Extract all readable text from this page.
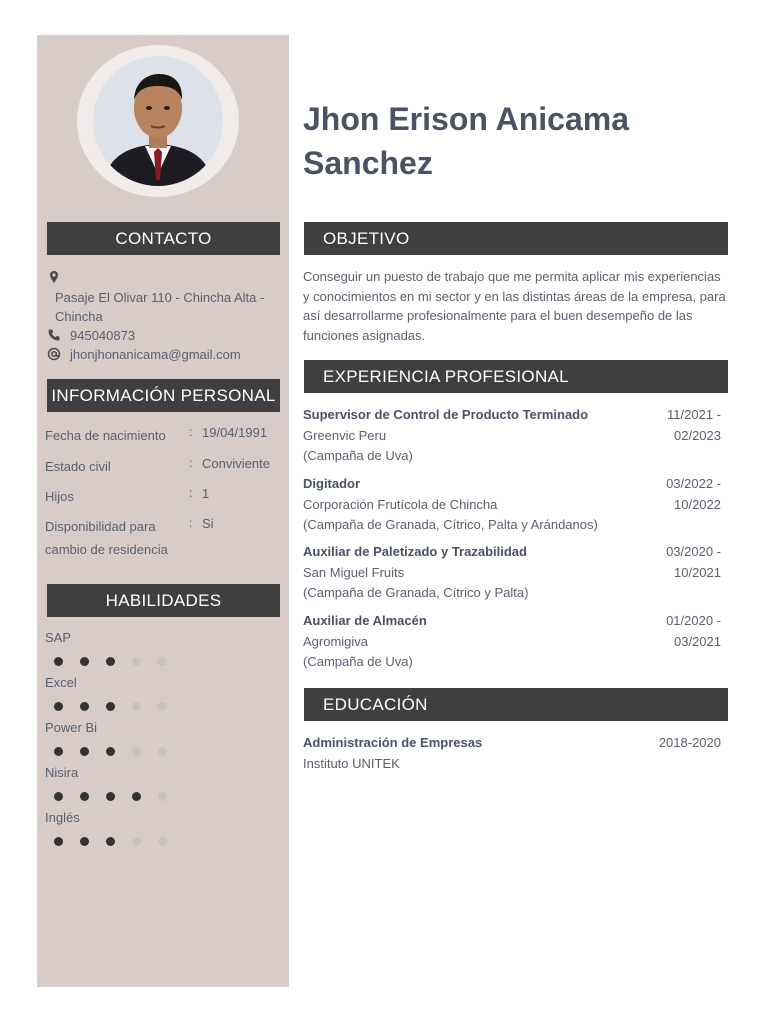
CONTACTO
Pasaje El Olivar 110 - Chincha Alta -
Chincha
945040873
jhonjhonanicama@gmail.com
INFORMACIÓN PERSONAL
Fecha de nacimiento : 19/04/1991
Estado civil	: Conviviente
Hijos	: 1
Disponibilidad para
cambio de residencia
: Si
HABILIDADES
SAP
Excel
Power Bi
Nisira
Inglés
Jhon Erison Anicama
Sanchez
OBJETIVO
Conseguir un puesto de trabajo que me permita aplicar mis experiencias y conocimientos en mi sector y en las distintas áreas de la empresa, para así desarrollarme profesionalmente para el buen desempeño de las funciones asignadas.
EXPERIENCIA PROFESIONAL
Supervisor de Control de Producto Terminado
Greenvic Peru
(Campaña de Uva)
11/2021 -
02/2023
Digitador
Corporación Frutícola de Chincha
(Campaña de Granada, Cítrico, Palta y Arándanos)
03/2022 -
10/2022
Auxiliar de Paletizado y Trazabilidad
San Miguel Fruits
(Campaña de Granada, Cítrico y Palta)
03/2020 -
10/2021
Auxiliar de Almacén
Agromigiva
(Campaña de Uva)
01/2020 -
03/2021
EDUCACIÓN
Administración de Empresas
Instituto UNITEK
2018-2020
